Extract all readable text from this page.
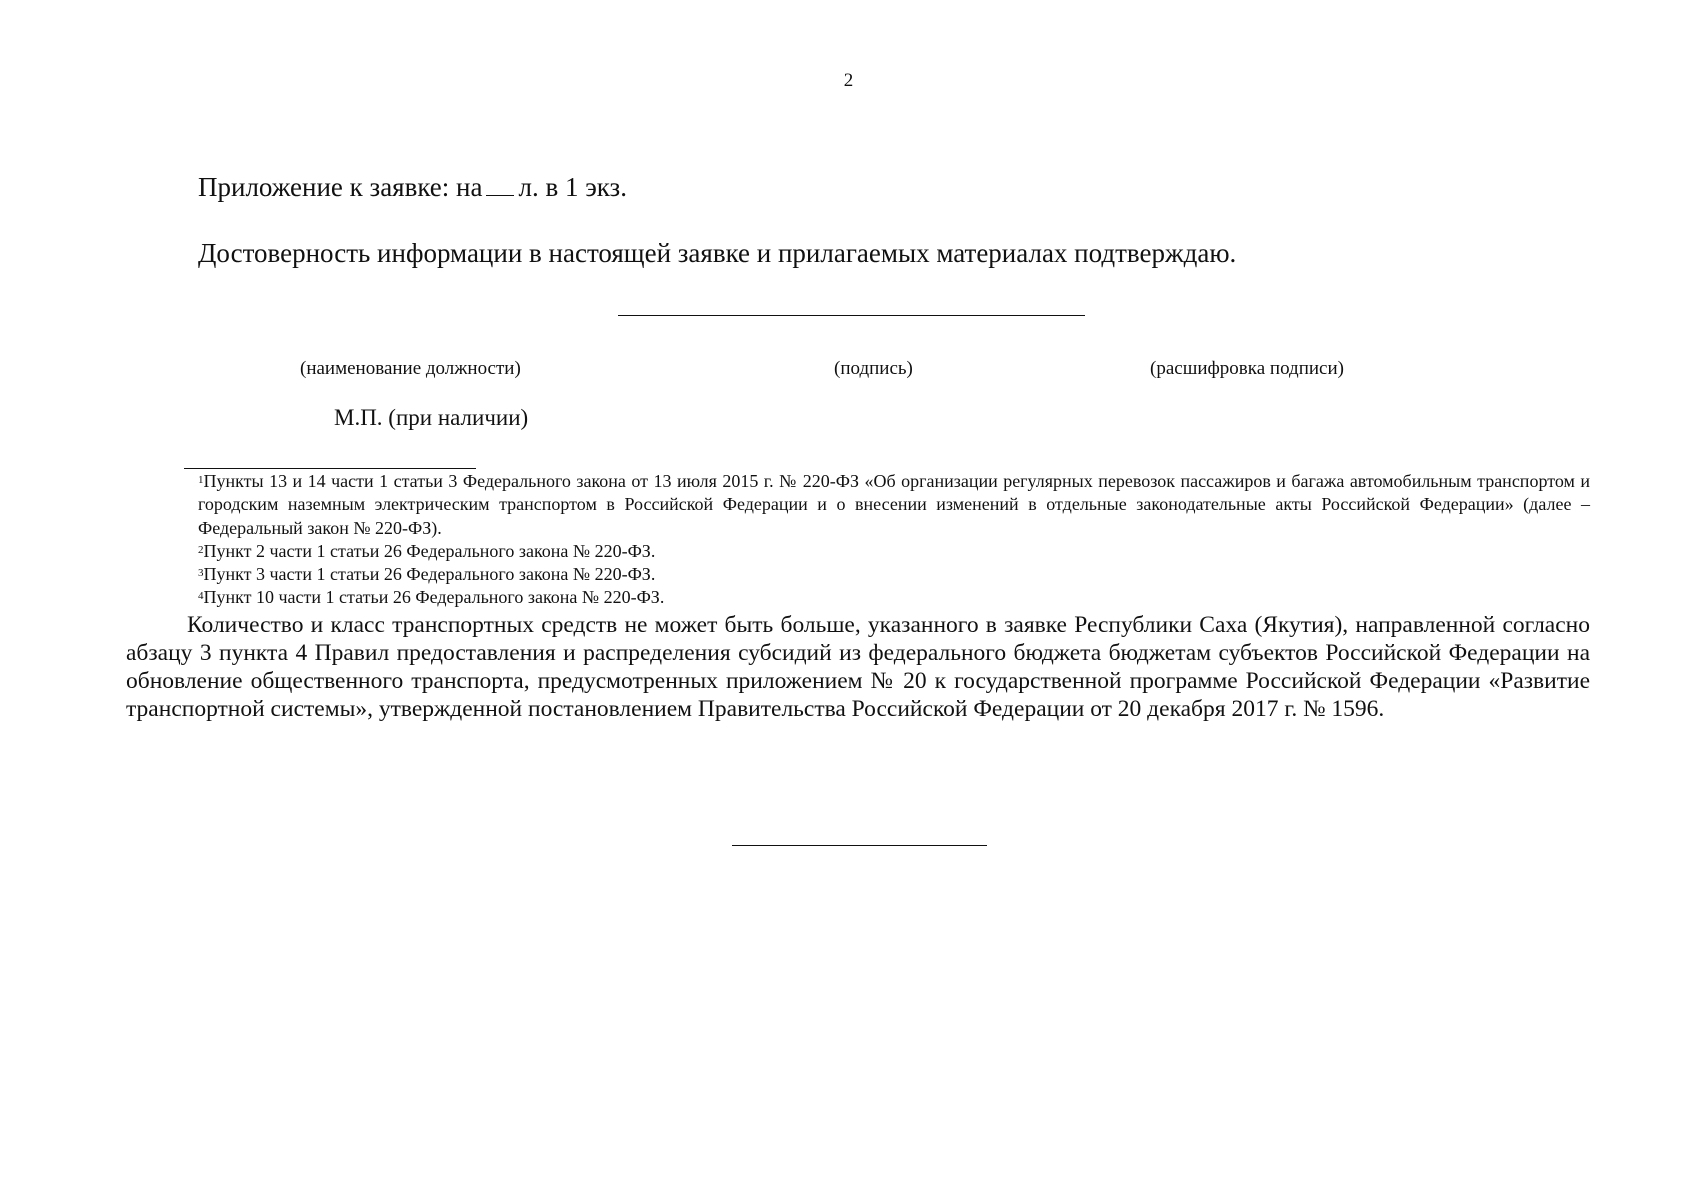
2
Приложение к заявке: на л. в 1 экз.
Достоверность информации в настоящей заявке и прилагаемых материалах подтверждаю.
(наименование должности)	(подпись)	(расшифровка подписи)
М.П. (при наличии)

$^1$Пункты 13 и 14 части 1 статьи 3 Федерального закона от 13 июля 2015 г. № 220-ФЗ «Об организации регулярных перевозок пассажиров и багажа автомобильным транспортом и городским наземным электрическим транспортом в Российской Федерации и о внесении изменений в отдельные законодательные акты Российской Федерации» (далее – Федеральный закон № 220-ФЗ).

$^2$Пункт 2 части 1 статьи 26 Федерального закона № 220-ФЗ.

$^3$Пункт 3 части 1 статьи 26 Федерального закона № 220-ФЗ.

$^4$Пункт 10 части 1 статьи 26 Федерального закона № 220-ФЗ.

Количество и класс транспортных средств не может быть больше, указанного в заявке Республики Саха (Якутия), направленной согласно абзацу 3 пункта 4 Правил предоставления и распределения субсидий из федерального бюджета бюджетам субъектов Российской Федерации на обновление общественного транспорта, предусмотренных приложением № 20 к государственной программе Российской Федерации «Развитие транспортной системы», утвержденной постановлением Правительства Российской Федерации от 20 декабря 2017 г. № 1596.
